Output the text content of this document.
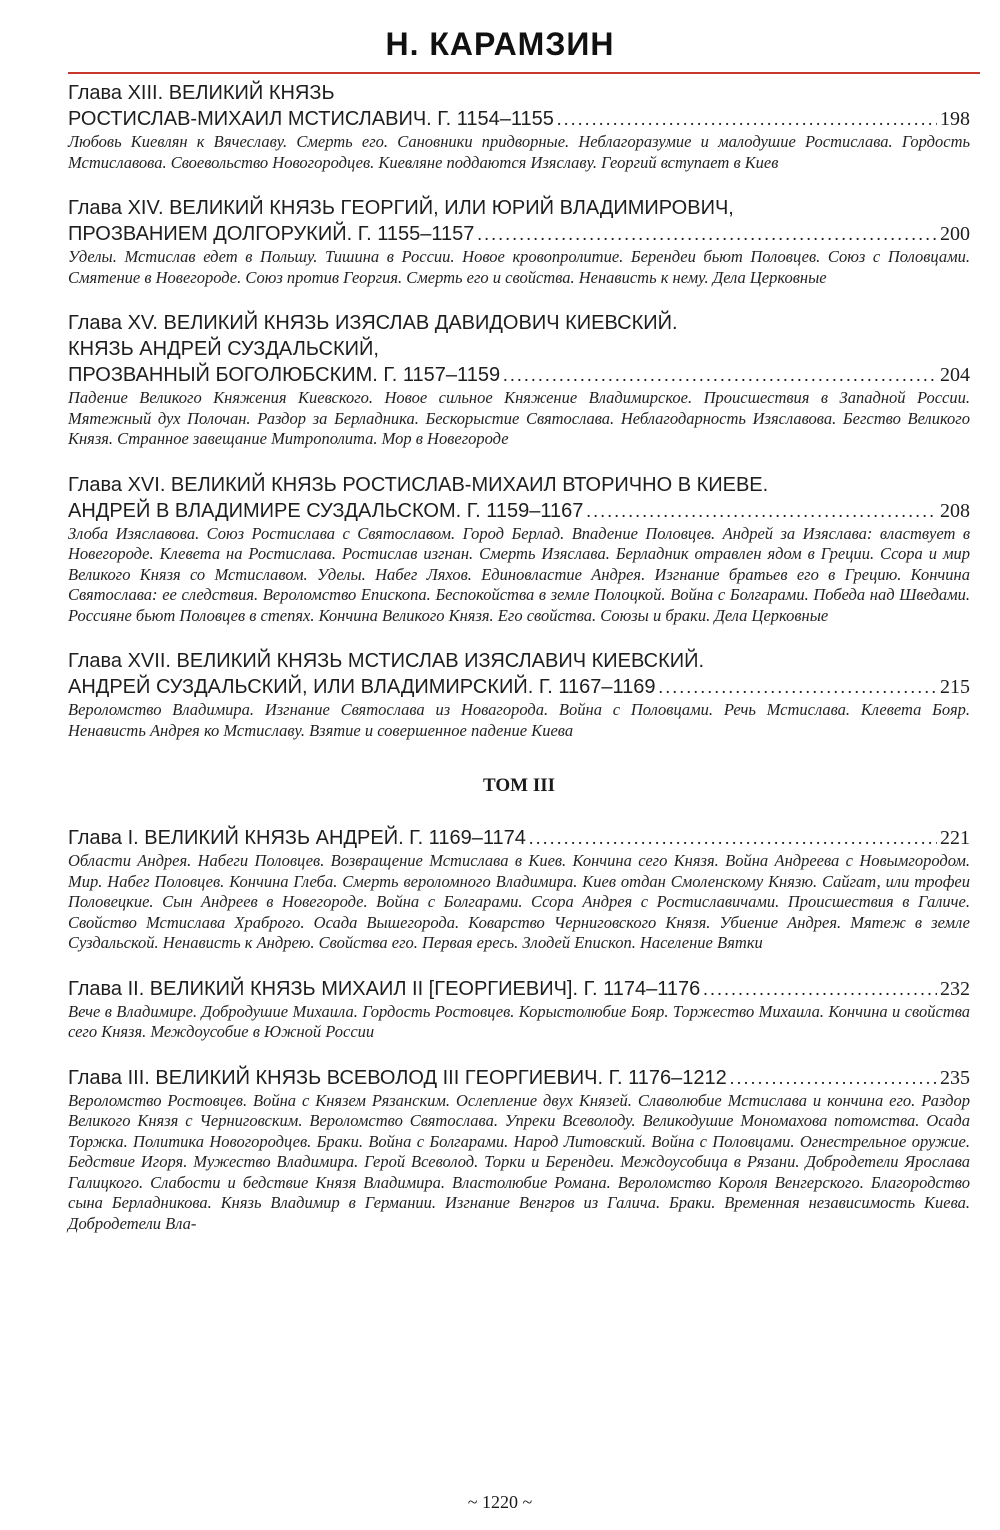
Н. КАРАМЗИН
Глава XIII. ВЕЛИКИЙ КНЯЗЬ
РОСТИСЛАВ-МИХАИЛ МСТИСЛАВИЧ. Г. 1154–1155 . . .	198
Любовь Киевлян к Вячеславу. Смерть его. Сановники придворные. Неблагоразумие и малодушие Ростислава. Гордость Мстиславова. Своевольство Новогородцев. Киевляне поддаются Изяславу. Георгий вступает в Киев
Глава XIV. ВЕЛИКИЙ КНЯЗЬ ГЕОРГИЙ, ИЛИ ЮРИЙ ВЛАДИМИРОВИЧ,
ПРОЗВАНИЕМ ДОЛГОРУКИЙ. Г. 1155–1157 . . .	200
Уделы. Мстислав едет в Польшу. Тишина в России. Новое кровопролитие. Берендеи бьют Половцев. Союз с Половцами. Смятение в Новегороде. Союз против Георгия. Смерть его и свойства. Ненависть к нему. Дела Церковные
Глава XV. ВЕЛИКИЙ КНЯЗЬ ИЗЯСЛАВ ДАВИДОВИЧ КИЕВСКИЙ.
КНЯЗЬ АНДРЕЙ СУЗДАЛЬСКИЙ,
ПРОЗВАННЫЙ БОГОЛЮБСКИМ. Г. 1157–1159 . . .	204
Падение Великого Княжения Киевского. Новое сильное Княжение Владимирское. Происшествия в Западной России. Мятежный дух Полочан. Раздор за Берладника. Бескорыстие Святослава. Неблагодарность Изяславова. Бегство Великого Князя. Странное завещание Митрополита. Мор в Новегороде
Глава XVI. ВЕЛИКИЙ КНЯЗЬ РОСТИСЛАВ-МИХАИЛ ВТОРИЧНО В КИЕВЕ.
АНДРЕЙ В ВЛАДИМИРЕ СУЗДАЛЬСКОМ. Г. 1159–1167 . . .	208
Злоба Изяславова. Союз Ростислава с Святославом. Город Берлад. Впадение Половцев. Андрей за Изяслава: властвует в Новегороде. Клевета на Ростислава. Ростислав изгнан. Смерть Изяслава. Берладник отравлен ядом в Греции. Ссора и мир Великого Князя со Мстиславом. Уделы. Набег Ляхов. Единовластие Андрея. Изгнание братьев его в Грецию. Кончина Святослава: ее следствия. Вероломство Епископа. Беспокойства в земле Полоцкой. Война с Болгарами. Победа над Шведами. Россияне бьют Половцев в степях. Кончина Великого Князя. Его свойства. Союзы и браки. Дела Церковные
Глава XVII. ВЕЛИКИЙ КНЯЗЬ МСТИСЛАВ ИЗЯСЛАВИЧ КИЕВСКИЙ.
АНДРЕЙ СУЗДАЛЬСКИЙ, ИЛИ ВЛАДИМИРСКИЙ. Г. 1167–1169 . . .	215
Вероломство Владимира. Изгнание Святослава из Новагорода. Война с Половцами. Речь Мстислава. Клевета Бояр. Ненависть Андрея ко Мстиславу. Взятие и совершенное падение Киева
ТОМ III
Глава I. ВЕЛИКИЙ КНЯЗЬ АНДРЕЙ. Г. 1169–1174 . . .	221
Области Андрея. Набеги Половцев. Возвращение Мстислава в Киев. Кончина сего Князя. Война Андреева с Новымгородом. Мир. Набег Половцев. Кончина Глеба. Смерть вероломного Владимира. Киев отдан Смоленскому Князю. Сайгат, или трофеи Половецкие. Сын Андреев в Новегороде. Война с Болгарами. Ссора Андрея с Ростиславичами. Происшествия в Галиче. Свойство Мстислава Храброго. Осада Вышегорода. Коварство Черниговского Князя. Убиение Андрея. Мятеж в земле Суздальской. Ненависть к Андрею. Свойства его. Первая ересь. Злодей Епископ. Население Вятки
Глава II. ВЕЛИКИЙ КНЯЗЬ МИХАИЛ II [ГЕОРГИЕВИЧ]. Г. 1174–1176 . . .	232
Вече в Владимире. Добродушие Михаила. Гордость Ростовцев. Корыстолюбие Бояр. Торжество Михаила. Кончина и свойства сего Князя. Междоусобие в Южной России
Глава III. ВЕЛИКИЙ КНЯЗЬ ВСЕВОЛОД III ГЕОРГИЕВИЧ. Г. 1176–1212 . . .	235
Вероломство Ростовцев. Война с Князем Рязанским. Ослепление двух Князей. Славолюбие Мстислава и кончина его. Раздор Великого Князя с Черниговским. Вероломство Святослава. Упреки Всеволоду. Великодушие Мономахова потомства. Осада Торжка. Политика Новогородцев. Браки. Война с Болгарами. Народ Литовский. Война с Половцами. Огнестрельное оружие. Бедствие Игоря. Мужество Владимира. Герой Всеволод. Торки и Берендеи. Междоусобица в Рязани. Добродетели Ярослава Галицкого. Слабости и бедствие Князя Владимира. Властолюбие Романа. Вероломство Короля Венгерского. Благородство сына Берладникова. Князь Владимир в Германии. Изгнание Венгров из Галича. Браки. Временная независимость Киева. Добродетели Вла-
~ 1220 ~
